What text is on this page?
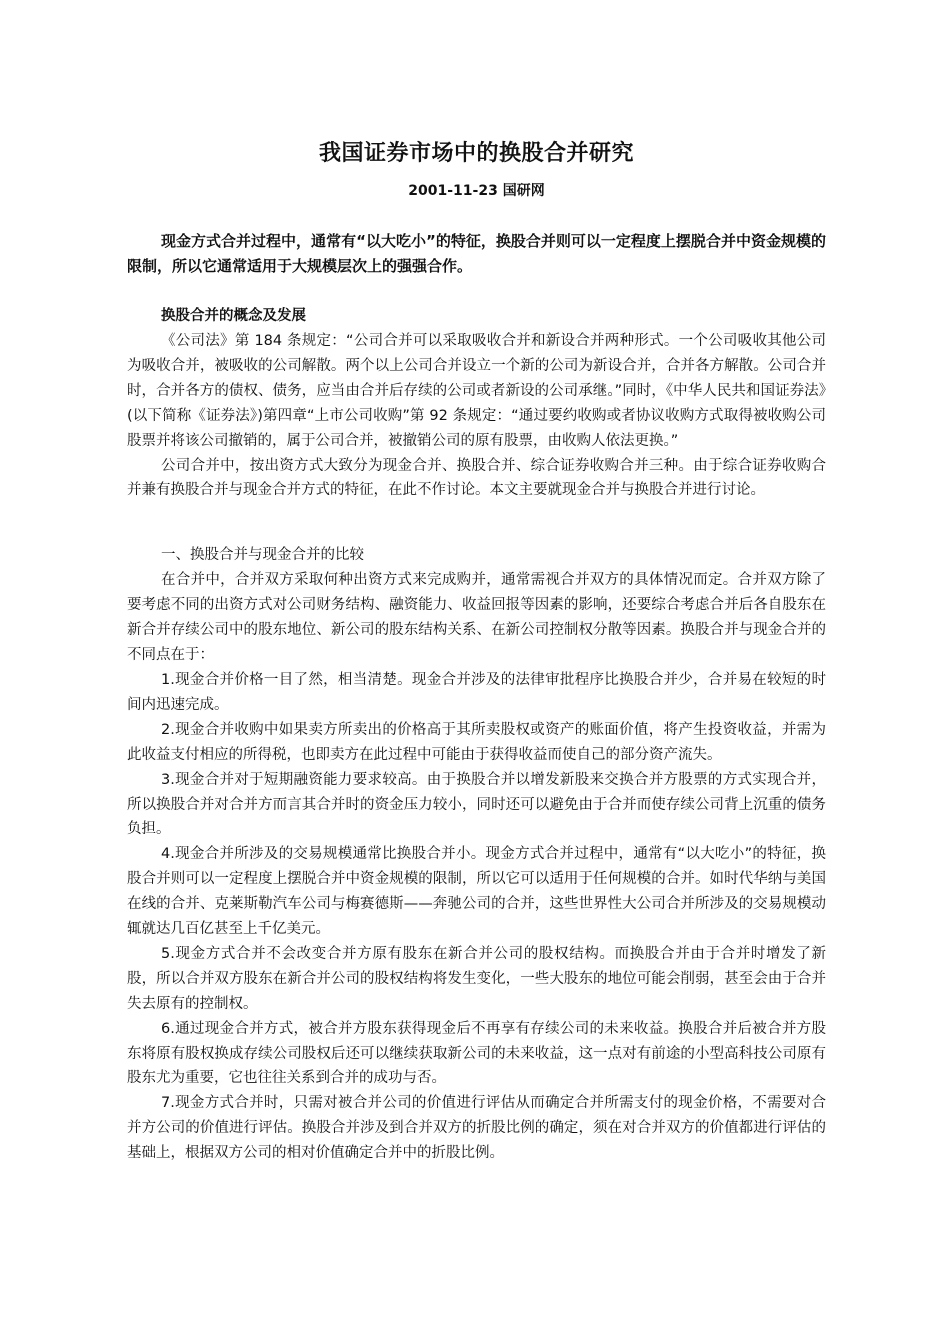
我国证券市场中的换股合并研究
2001-11-23 国研网

现金方式合并过程中，通常有“以大吃小”的特征，换股合并则可以一定程度上摆脱合并中资金规模的限制，所以它通常适用于大规模层次上的强强合作。

换股合并的概念及发展

《公司法》第 184 条规定：“公司合并可以采取吸收合并和新设合并两种形式。一个公司吸收其他公司为吸收合并，被吸收的公司解散。两个以上公司合并设立一个新的公司为新设合并，合并各方解散。公司合并时，合并各方的债权、债务，应当由合并后存续的公司或者新设的公司承继。”同时，《中华人民共和国证券法》(以下简称《证券法》)第四章“上市公司收购”第 92 条规定：“通过要约收购或者协议收购方式取得被收购公司股票并将该公司撤销的，属于公司合并，被撤销公司的原有股票，由收购人依法更换。”

公司合并中，按出资方式大致分为现金合并、换股合并、综合证券收购合并三种。由于综合证券收购合并兼有换股合并与现金合并方式的特征，在此不作讨论。本文主要就现金合并与换股合并进行讨论。

一、换股合并与现金合并的比较

在合并中，合并双方采取何种出资方式来完成购并，通常需视合并双方的具体情况而定。合并双方除了要考虑不同的出资方式对公司财务结构、融资能力、收益回报等因素的影响，还要综合考虑合并后各自股东在新合并存续公司中的股东地位、新公司的股东结构关系、在新公司控制权分散等因素。换股合并与现金合并的不同点在于：

1.现金合并价格一目了然，相当清楚。现金合并涉及的法律审批程序比换股合并少，合并易在较短的时间内迅速完成。

2.现金合并收购中如果卖方所卖出的价格高于其所卖股权或资产的账面价值，将产生投资收益，并需为此收益支付相应的所得税，也即卖方在此过程中可能由于获得收益而使自己的部分资产流失。

3.现金合并对于短期融资能力要求较高。由于换股合并以增发新股来交换合并方股票的方式实现合并，所以换股合并对合并方而言其合并时的资金压力较小，同时还可以避免由于合并而使存续公司背上沉重的债务负担。

4.现金合并所涉及的交易规模通常比换股合并小。现金方式合并过程中，通常有“以大吃小”的特征，换股合并则可以一定程度上摆脱合并中资金规模的限制，所以它可以适用于任何规模的合并。如时代华纳与美国在线的合并、克莱斯勒汽车公司与梅赛德斯——奔驰公司的合并，这些世界性大公司合并所涉及的交易规模动辄就达几百亿甚至上千亿美元。

5.现金方式合并不会改变合并方原有股东在新合并公司的股权结构。而换股合并由于合并时增发了新股，所以合并双方股东在新合并公司的股权结构将发生变化，一些大股东的地位可能会削弱，甚至会由于合并失去原有的控制权。

6.通过现金合并方式，被合并方股东获得现金后不再享有存续公司的未来收益。换股合并后被合并方股东将原有股权换成存续公司股权后还可以继续获取新公司的未来收益，这一点对有前途的小型高科技公司原有股东尤为重要，它也往往关系到合并的成功与否。

7.现金方式合并时，只需对被合并公司的价值进行评估从而确定合并所需支付的现金价格，不需要对合并方公司的价值进行评估。换股合并涉及到合并双方的折股比例的确定，须在对合并双方的价值都进行评估的基础上，根据双方公司的相对价值确定合并中的折股比例。
